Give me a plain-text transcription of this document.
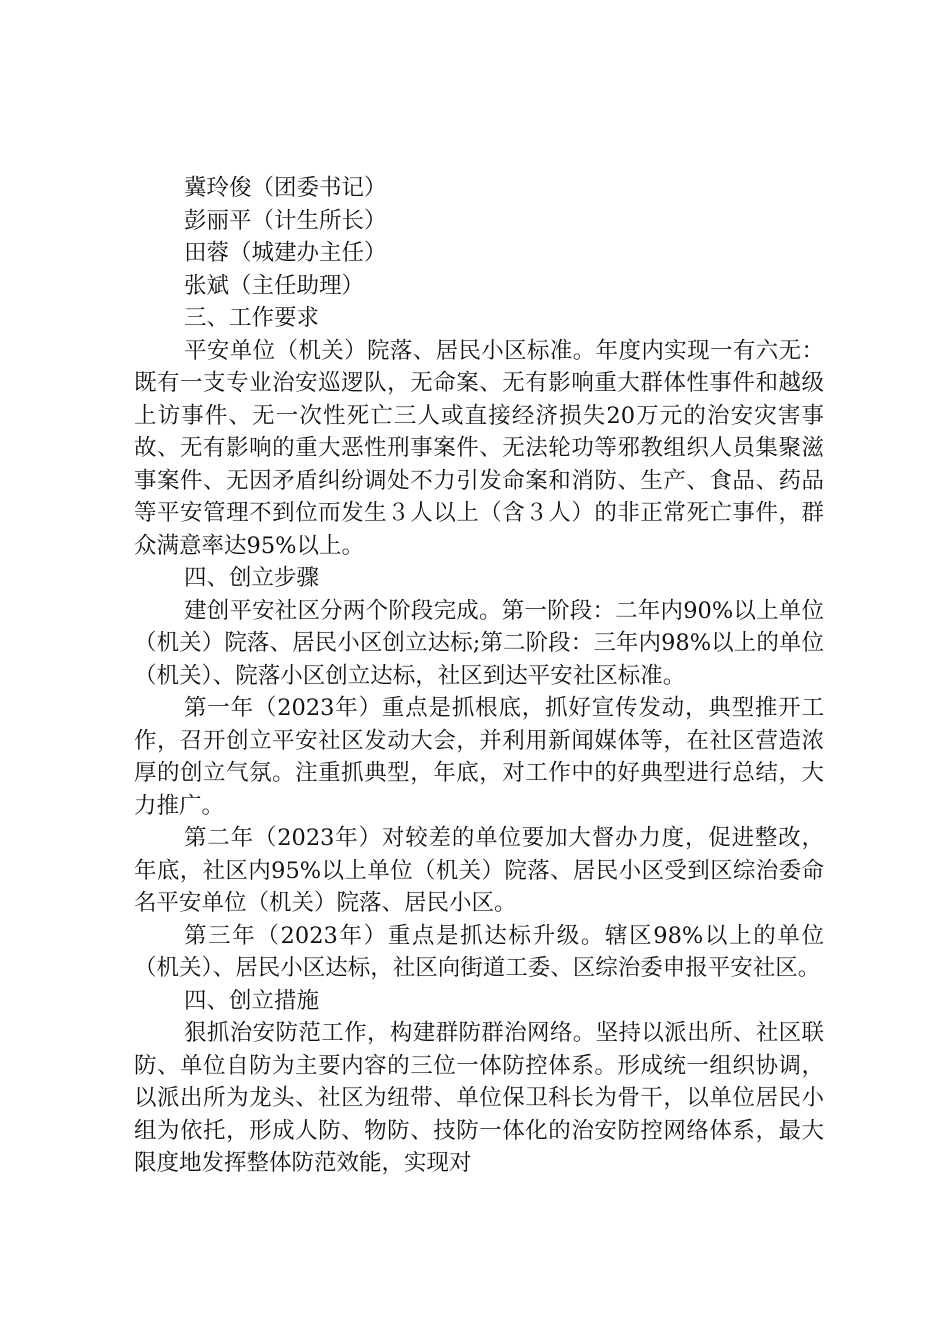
冀玲俊（团委书记）

彭丽平（计生所长）

田蓉（城建办主任）

张斌（主任助理）

三、工作要求

平安单位（机关）院落、居民小区标准。年度内实现一有六无：既有一支专业治安巡逻队，无命案、无有影响重大群体性事件和越级上访事件、无一次性死亡三人或直接经济损失20万元的治安灾害事故、无有影响的重大恶性刑事案件、无法轮功等邪教组织人员集聚滋事案件、无因矛盾纠纷调处不力引发命案和消防、生产、食品、药品等平安管理不到位而发生３人以上（含３人）的非正常死亡事件，群众满意率达95%以上。

四、创立步骤

建创平安社区分两个阶段完成。第一阶段：二年内90%以上单位（机关）院落、居民小区创立达标;第二阶段：三年内98%以上的单位（机关）、院落小区创立达标，社区到达平安社区标准。

第一年（2023年）重点是抓根底，抓好宣传发动，典型推开工作，召开创立平安社区发动大会，并利用新闻媒体等，在社区营造浓厚的创立气氛。注重抓典型，年底，对工作中的好典型进行总结，大力推广。

第二年（2023年）对较差的单位要加大督办力度，促进整改，年底，社区内95%以上单位（机关）院落、居民小区受到区综治委命名平安单位（机关）院落、居民小区。

第三年（2023年）重点是抓达标升级。辖区98%以上的单位（机关）、居民小区达标，社区向街道工委、区综治委申报平安社区。

四、创立措施

狠抓治安防范工作，构建群防群治网络。坚持以派出所、社区联防、单位自防为主要内容的三位一体防控体系。形成统一组织协调，以派出所为龙头、社区为纽带、单位保卫科长为骨干，以单位居民小组为依托，形成人防、物防、技防一体化的治安防控网络体系，最大限度地发挥整体防范效能，实现对
